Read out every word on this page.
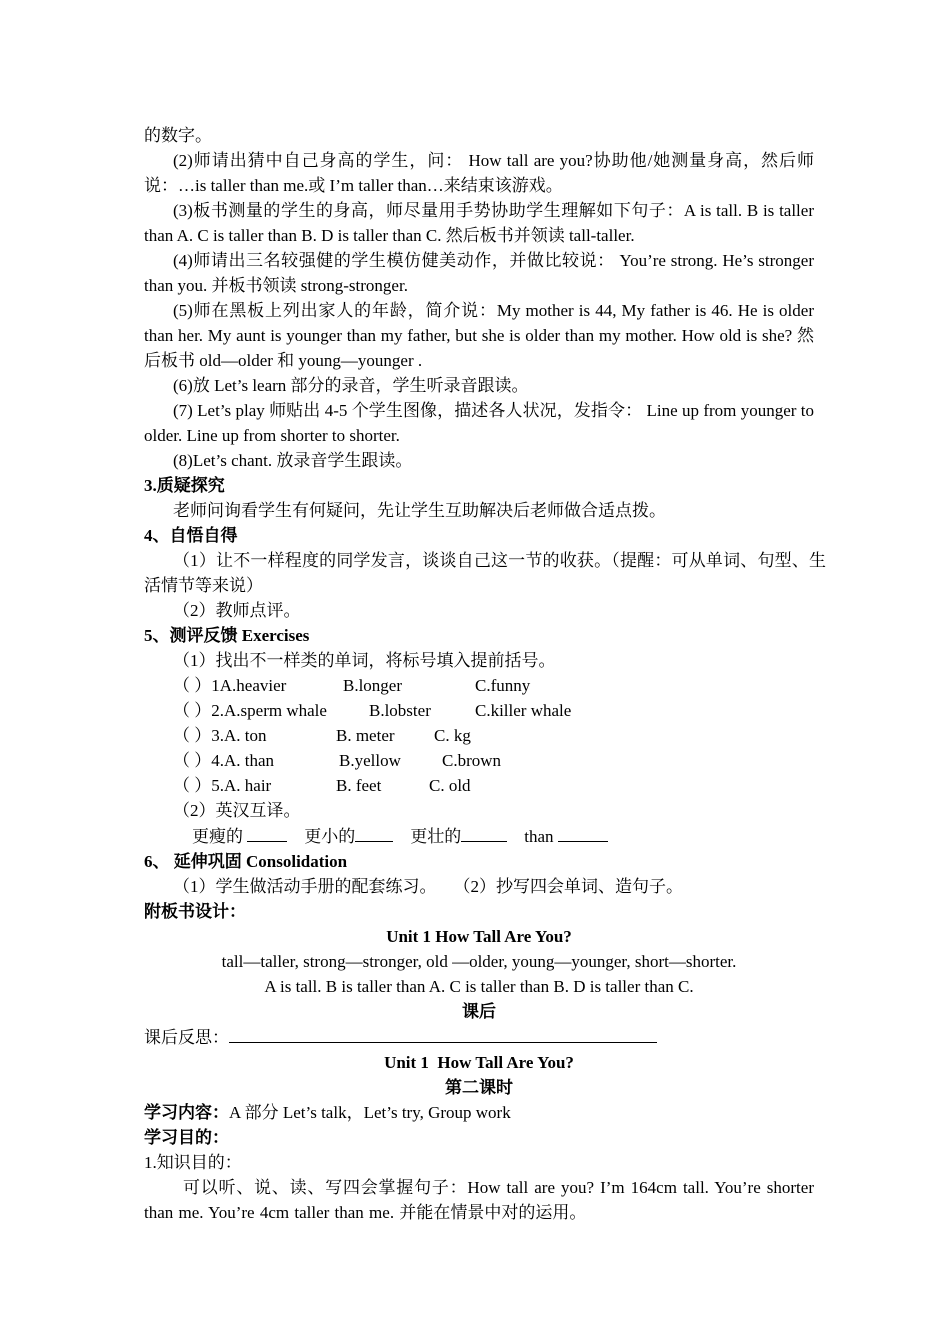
的数字。

(2)师请出猜中自己身高的学生，问： How tall are you?协助他/她测量身高，然后师说：…is taller than me.或 I’m taller than…来结束该游戏。

(3)板书测量的学生的身高，师尽量用手势协助学生理解如下句子：A is tall. B is taller than A. C is taller than B. D is taller than C. 然后板书并领读 tall-taller.

(4)师请出三名较强健的学生模仿健美动作，并做比较说： You’re strong. He’s stronger than you. 并板书领读 strong-stronger.

(5)师在黑板上列出家人的年龄，简介说：My mother is 44, My father is 46. He is older than her. My aunt is younger than my father, but she is older than my mother. How old is she? 然后板书 old—older 和 young—younger .

(6)放 Let’s learn 部分的录音，学生听录音跟读。

(7) Let’s play 师贴出 4-5 个学生图像，描述各人状况，发指令： Line up from younger to older. Line up from shorter to shorter.

(8)Let’s chant. 放录音学生跟读。

3.质疑探究

老师问询看学生有何疑问，先让学生互助解决后老师做合适点拨。

4、自悟自得

（1）让不一样程度的同学发言，谈谈自己这一节的收获。（提醒：可从单词、句型、生活情节等来说）

（2）教师点评。

5、测评反馈 Exercises

（1）找出不一样类的单词，将标号填入提前括号。

（ ）1A.heavier	B.longer	C.funny
（ ）2.A.sperm whale	B.lobster	C.killer whale
（ ）3.A. ton	B. meter	C. kg
（ ）4.A. than	B.yellow	C.brown
（ ）5.A. hair	B. feet	C. old

（2）英汉互译。

更瘦的	更小的	更壮的	than

6、 延伸巩固 Consolidation

（1）学生做活动手册的配套练习。    （2）抄写四会单词、造句子。

附板书设计：

Unit 1 How Tall Are You?

tall—taller, strong—stronger, old —older, young—younger, short—shorter.

A is tall. B is taller than A. C is taller than B. D is taller than C.

课后

课后反思：

Unit 1  How Tall Are You?

第二课时

学习内容：A 部分 Let’s talk，Let’s try, Group work

学习目的：

1.知识目的：

可以听、说、读、写四会掌握句子：How tall are you? I’m 164cm tall. You’re shorter than me. You’re 4cm taller than me. 并能在情景中对的运用。
